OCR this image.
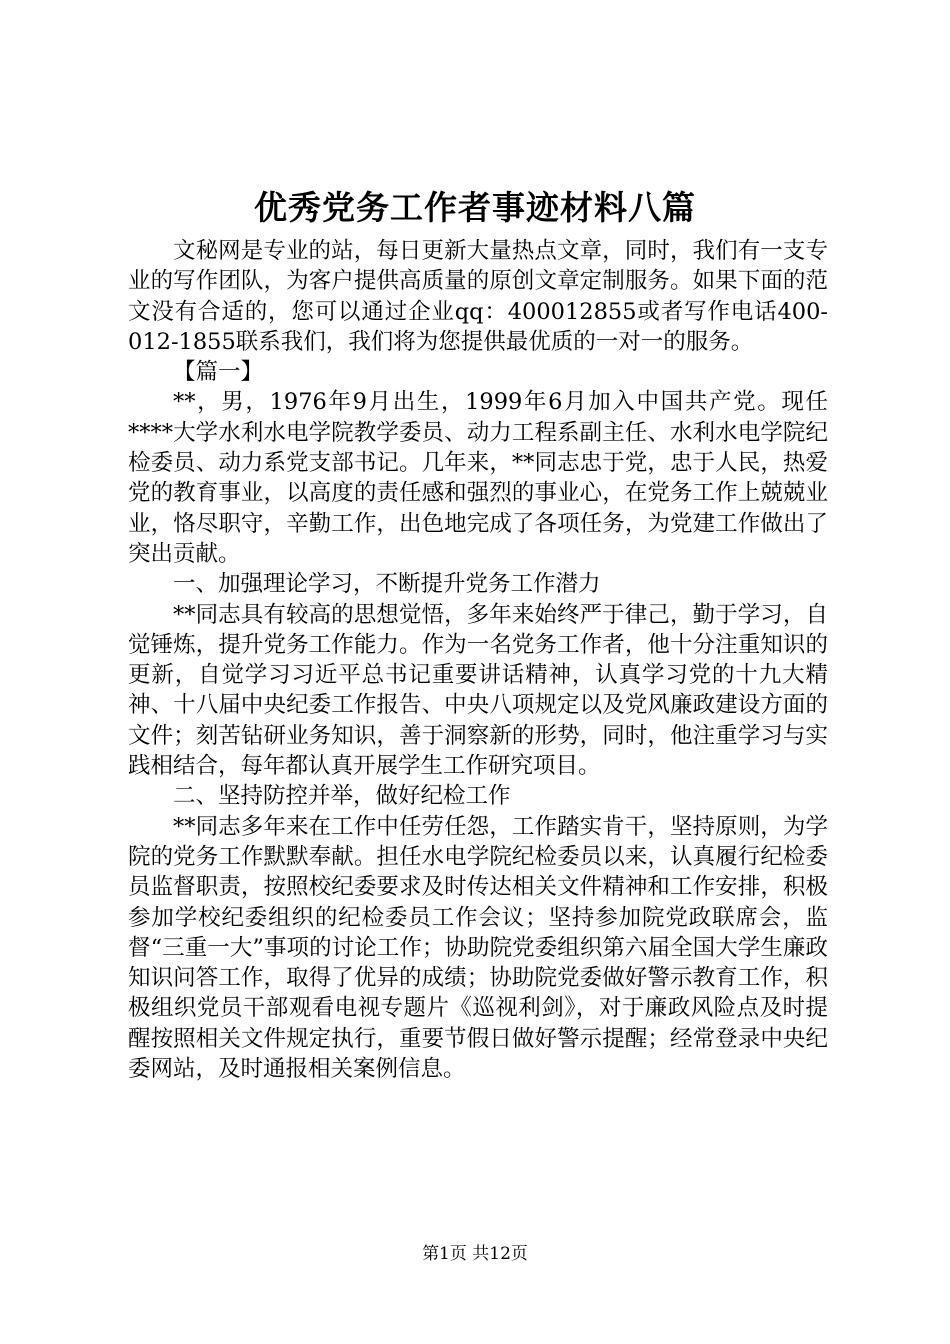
优秀党务工作者事迹材料八篇

文秘网是专业的站，每日更新大量热点文章，同时，我们有一支专业的写作团队，为客户提供高质量的原创文章定制服务。如果下面的范文没有合适的，您可以通过企业qq：400012855或者写作电话400-012-1855联系我们，我们将为您提供最优质的一对一的服务。

【篇一】

**，男，1976年9月出生，1999年6月加入中国共产党。现任****大学水利水电学院教学委员、动力工程系副主任、水利水电学院纪检委员、动力系党支部书记。几年来，**同志忠于党，忠于人民，热爱党的教育事业，以高度的责任感和强烈的事业心，在党务工作上兢兢业业，恪尽职守，辛勤工作，出色地完成了各项任务，为党建工作做出了突出贡献。

一、加强理论学习，不断提升党务工作潜力

**同志具有较高的思想觉悟，多年来始终严于律己，勤于学习，自觉锤炼，提升党务工作能力。作为一名党务工作者，他十分注重知识的更新，自觉学习习近平总书记重要讲话精神，认真学习党的十九大精神、十八届中央纪委工作报告、中央八项规定以及党风廉政建设方面的文件；刻苦钻研业务知识，善于洞察新的形势，同时，他注重学习与实践相结合，每年都认真开展学生工作研究项目。

二、坚持防控并举，做好纪检工作

**同志多年来在工作中任劳任怨，工作踏实肯干，坚持原则，为学院的党务工作默默奉献。担任水电学院纪检委员以来，认真履行纪检委员监督职责，按照校纪委要求及时传达相关文件精神和工作安排，积极参加学校纪委组织的纪检委员工作会议；坚持参加院党政联席会，监督“三重一大”事项的讨论工作；协助院党委组织第六届全国大学生廉政知识问答工作，取得了优异的成绩；协助院党委做好警示教育工作，积极组织党员干部观看电视专题片《巡视利剑》，对于廉政风险点及时提醒按照相关文件规定执行，重要节假日做好警示提醒；经常登录中央纪委网站，及时通报相关案例信息。

第1页 共12页
